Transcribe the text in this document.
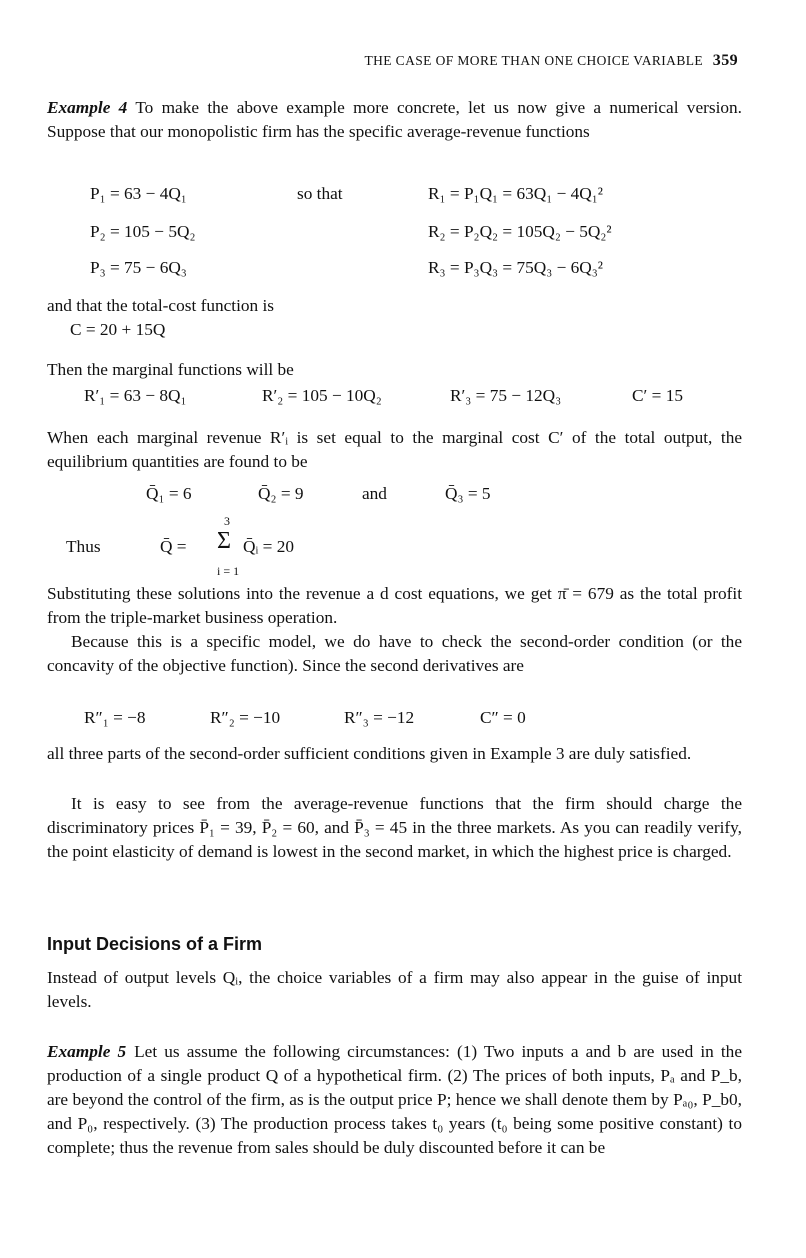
THE CASE OF MORE THAN ONE CHOICE VARIABLE 359
Example 4 To make the above example more concrete, let us now give a numerical version. Suppose that our monopolistic firm has the specific average-revenue functions
P₁ = 63 − 4Q₁	so that	R₁ = P₁Q₁ = 63Q₁ − 4Q₁²
P₂ = 105 − 5Q₂	R₂ = P₂Q₂ = 105Q₂ − 5Q₂²
P₃ = 75 − 6Q₃	R₃ = P₃Q₃ = 75Q₃ − 6Q₃²
and that the total-cost function is
C = 20 + 15Q
Then the marginal functions will be
R′₁ = 63 − 8Q₁	R′₂ = 105 − 10Q₂	R′₃ = 75 − 12Q₃	C′ = 15
When each marginal revenue R′ᵢ is set equal to the marginal cost C′ of the total output, the equilibrium quantities are found to be
Q̄₁ = 6	Q̄₂ = 9	and	Q̄₃ = 5
Thus	Q̄ =
3
Σ
i = 1
Q̄ᵢ = 20
Substituting these solutions into the revenue a d cost equations, we get π̄ = 679 as the total profit from the triple-market business operation.
Because this is a specific model, we do have to check the second-order condition (or the concavity of the objective function). Since the second derivatives are
R″₁ = −8	R″₂ = −10	R″₃ = −12	C″ = 0
all three parts of the second-order sufficient conditions given in Example 3 are duly satisfied.
It is easy to see from the average-revenue functions that the firm should charge the discriminatory prices P̄₁ = 39, P̄₂ = 60, and P̄₃ = 45 in the three markets. As you can readily verify, the point elasticity of demand is lowest in the second market, in which the highest price is charged.
Input Decisions of a Firm
Instead of output levels Qᵢ, the choice variables of a firm may also appear in the guise of input levels.
Example 5 Let us assume the following circumstances: (1) Two inputs a and b are used in the production of a single product Q of a hypothetical firm. (2) The prices of both inputs, Pₐ and P_b, are beyond the control of the firm, as is the output price P; hence we shall denote them by Pₐ₀, P_b0, and P₀, respectively. (3) The production process takes t₀ years (t₀ being some positive constant) to complete; thus the revenue from sales should be duly discounted before it can be
